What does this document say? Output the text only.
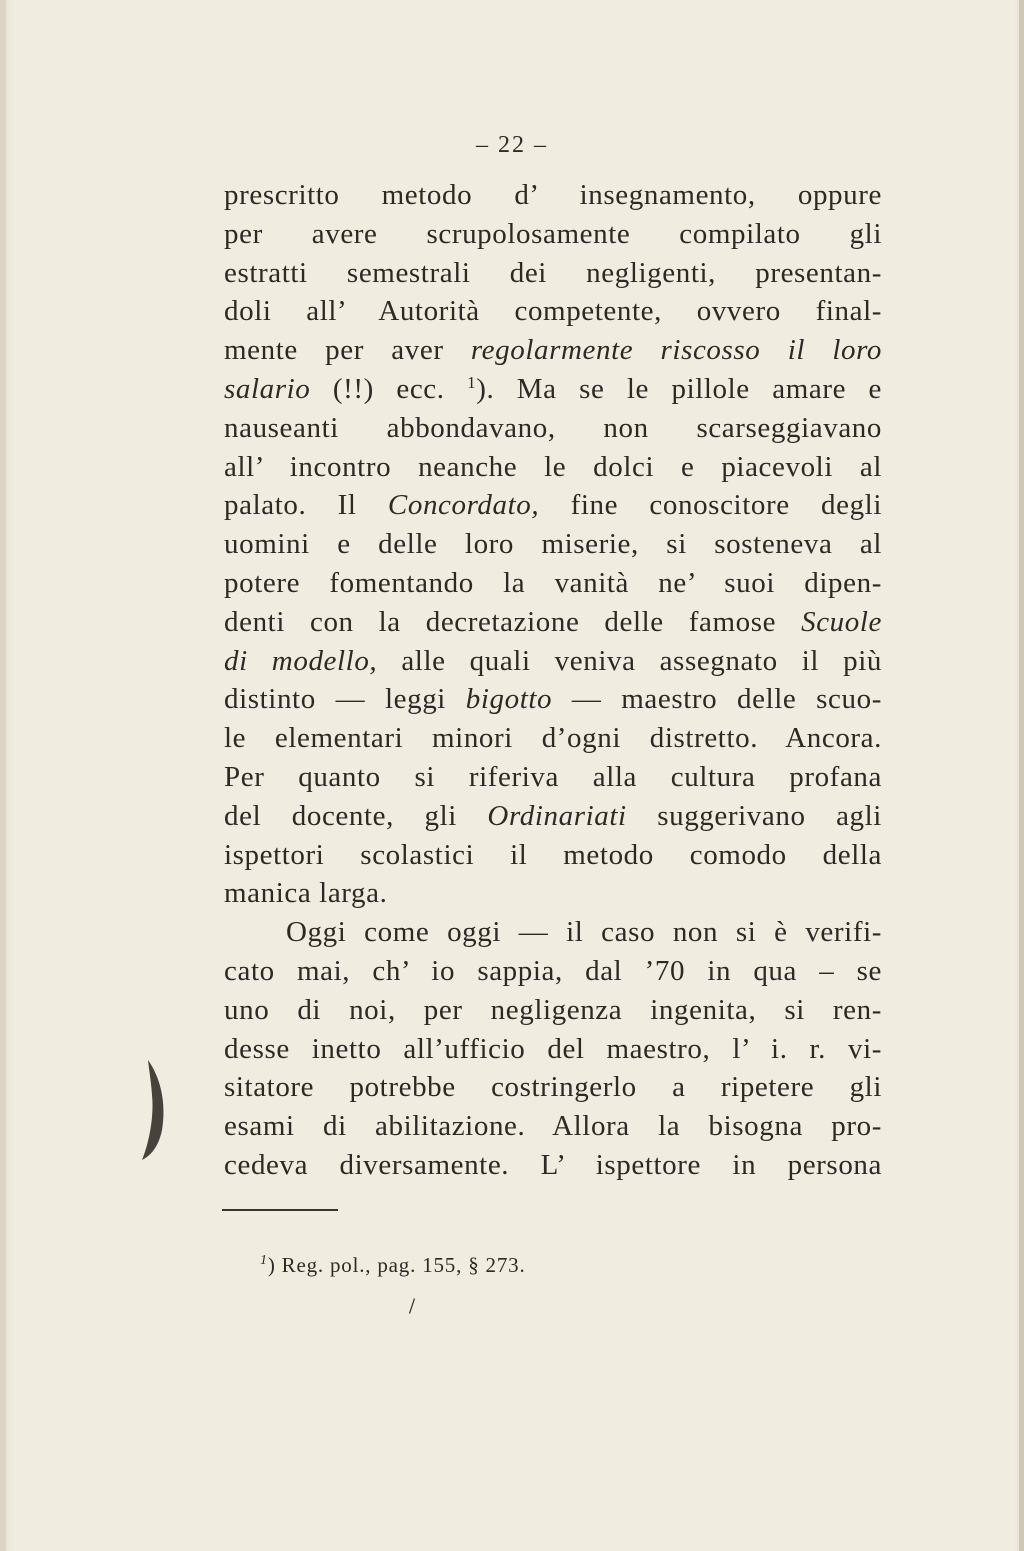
– 22 –
prescritto metodo d’ insegnamento, oppure
per avere scrupolosamente compilato gli
estratti semestrali dei negligenti, presentan-
doli all’ Autorità competente, ovvero final-
mente per aver regolarmente riscosso il loro
salario (!!) ecc. $^1$). Ma se le pillole amare e
nauseanti abbondavano, non scarseggiavano
all’ incontro neanche le dolci e piacevoli al
palato. Il Concordato, fine conoscitore degli
uomini e delle loro miserie, si sosteneva al
potere fomentando la vanità ne’ suoi dipen-
denti con la decretazione delle famose Scuole
di modello, alle quali veniva assegnato il più
distinto — leggi bigotto — maestro delle scuo-
le elementari minori d’ogni distretto. Ancora.
Per quanto si riferiva alla cultura profana
del docente, gli Ordinariati suggerivano agli
ispettori scolastici il metodo comodo della
manica larga.
Oggi come oggi — il caso non si è verifi-
cato mai, ch’ io sappia, dal ’70 in qua – se
uno di noi, per negligenza ingenita, si ren-
desse inetto all’ufficio del maestro, l’ i. r. vi-
sitatore potrebbe costringerlo a ripetere gli
esami di abilitazione. Allora la bisogna pro-
cedeva diversamente. L’ ispettore in persona
$^1$) Reg. pol., pag. 155, § 273.
